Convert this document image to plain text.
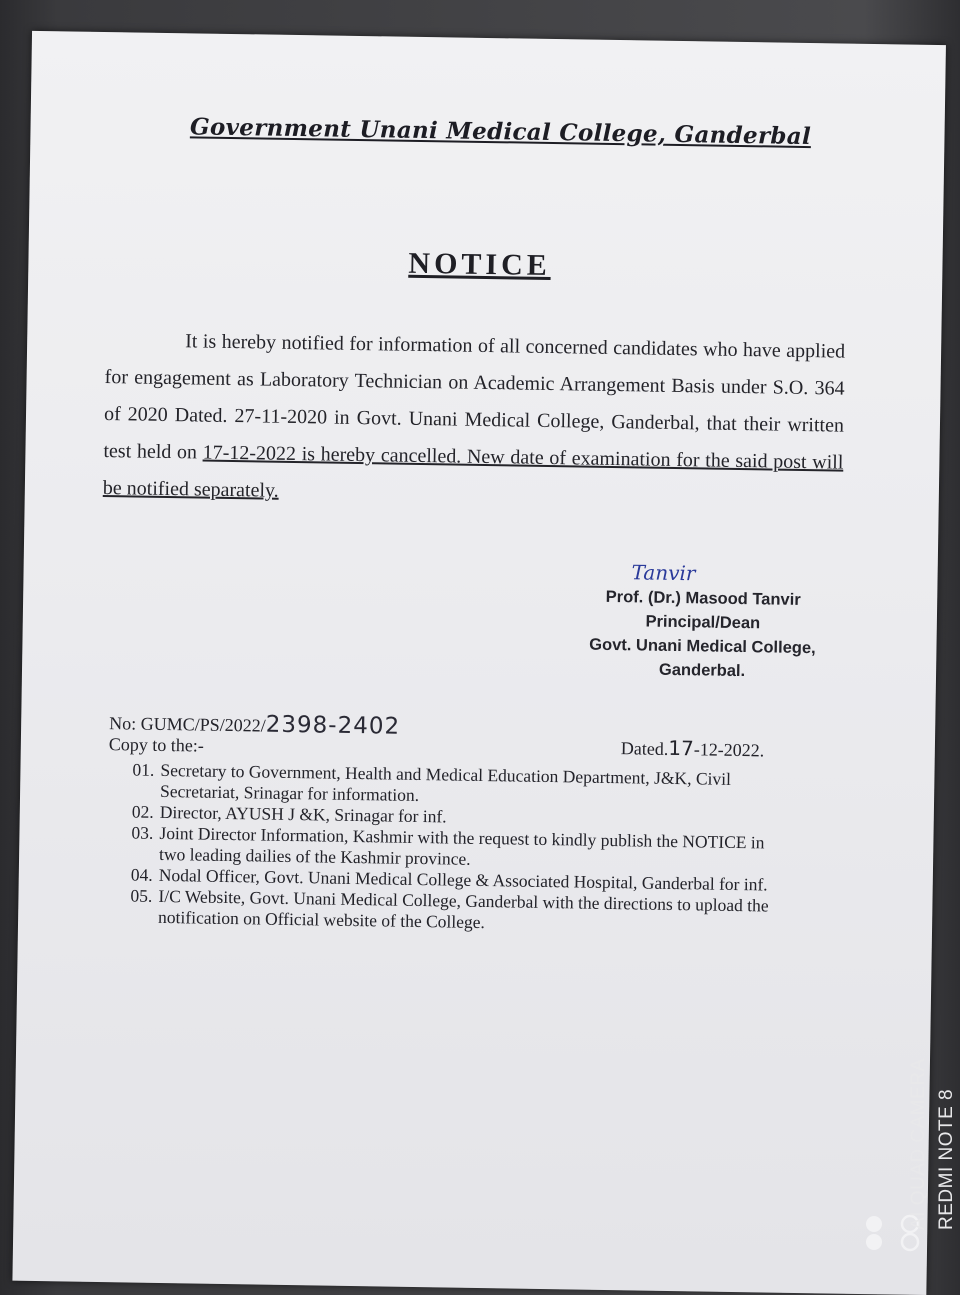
Government Unani Medical College, Ganderbal
NOTICE
It is hereby notified for information of all concerned candidates who have applied for engagement as Laboratory Technician on Academic Arrangement Basis under S.O. 364 of 2020 Dated. 27-11-2020 in Govt. Unani Medical College, Ganderbal, that their written test held on 17-12-2022 is hereby cancelled. New date of examination for the said post will be notified separately.
Tanvir
Prof. (Dr.) Masood Tanvir
Principal/Dean
Govt. Unani Medical College,
Ganderbal.
No: GUMC/PS/2022/2398-2402
Dated.17-12-2022.
Copy to the:-
01. Secretary to Government, Health and Medical Education Department, J&K, Civil Secretariat, Srinagar for information.
02. Director, AYUSH J &K, Srinagar for inf.
03. Joint Director Information, Kashmir with the request to kindly publish the NOTICE in two leading dailies of the Kashmir province.
04. Nodal Officer, Govt. Unani Medical College & Associated Hospital, Ganderbal for inf.
05. I/C Website, Govt. Unani Medical College, Ganderbal with the directions to upload the notification on Official website of the College.
AI QUAD CAMERA REDMI NOTE 8
